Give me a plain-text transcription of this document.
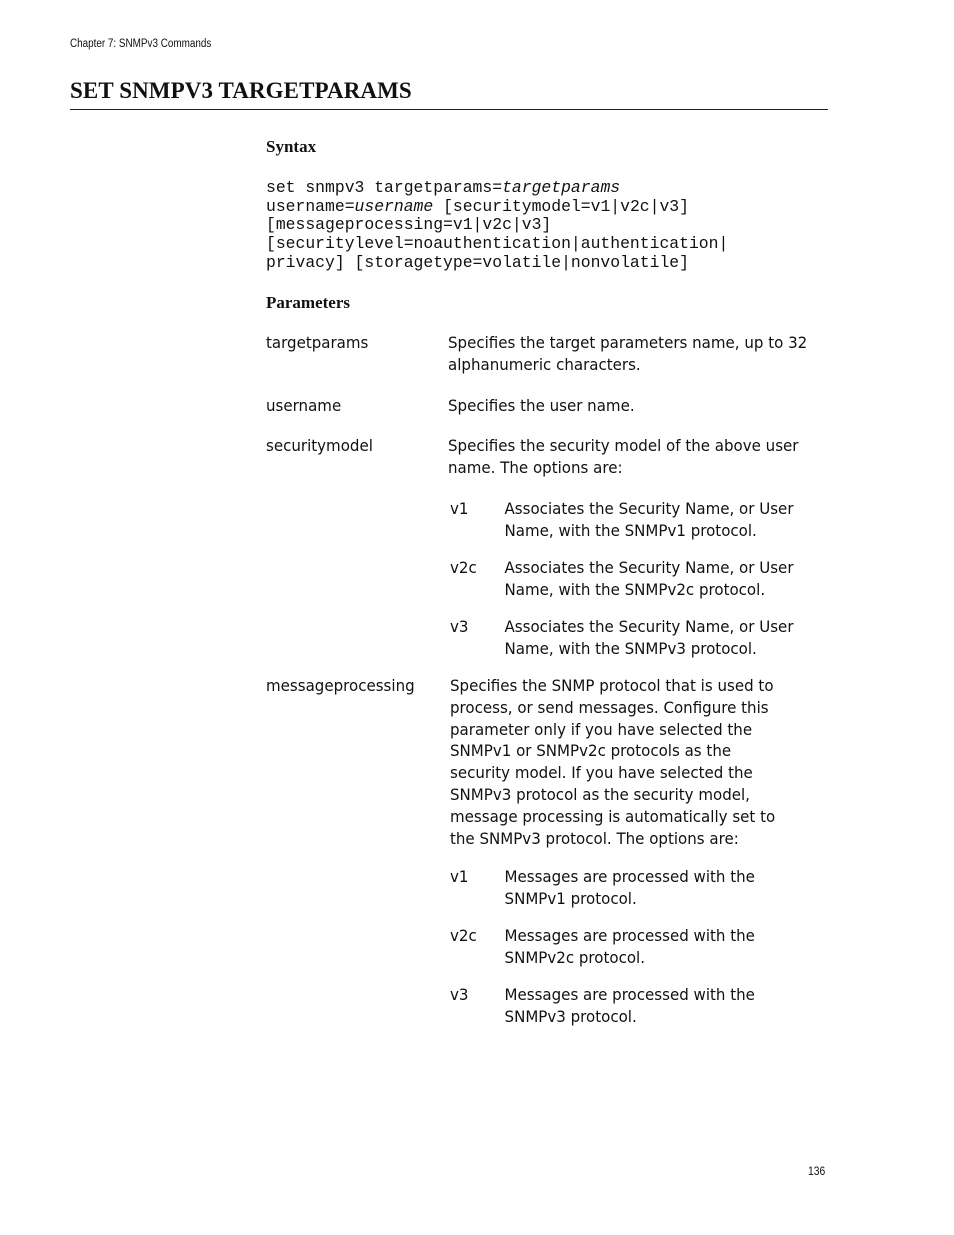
Chapter 7: SNMPv3 Commands
SET SNMPV3 TARGETPARAMS
Syntax
set snmpv3 targetparams=targetparams
username=username [securitymodel=v1|v2c|v3]
[messageprocessing=v1|v2c|v3]
[securitylevel=noauthentication|authentication|
privacy] [storagetype=volatile|nonvolatile]
Parameters
targetparams	Specifies the target parameters name, up to 32 alphanumeric characters.
username	Specifies the user name.
securitymodel	Specifies the security model of the above user name. The options are:
v1	Associates the Security Name, or User Name, with the SNMPv1 protocol.
v2c	Associates the Security Name, or User Name, with the SNMPv2c protocol.
v3	Associates the Security Name, or User Name, with the SNMPv3 protocol.
messageprocessing Specifies the SNMP protocol that is used to process, or send messages. Configure this parameter only if you have selected the SNMPv1 or SNMPv2c protocols as the security model. If you have selected the SNMPv3 protocol as the security model, message processing is automatically set to the SNMPv3 protocol. The options are:
v1	Messages are processed with the SNMPv1 protocol.
v2c	Messages are processed with the SNMPv2c protocol.
v3	Messages are processed with the SNMPv3 protocol.
136
